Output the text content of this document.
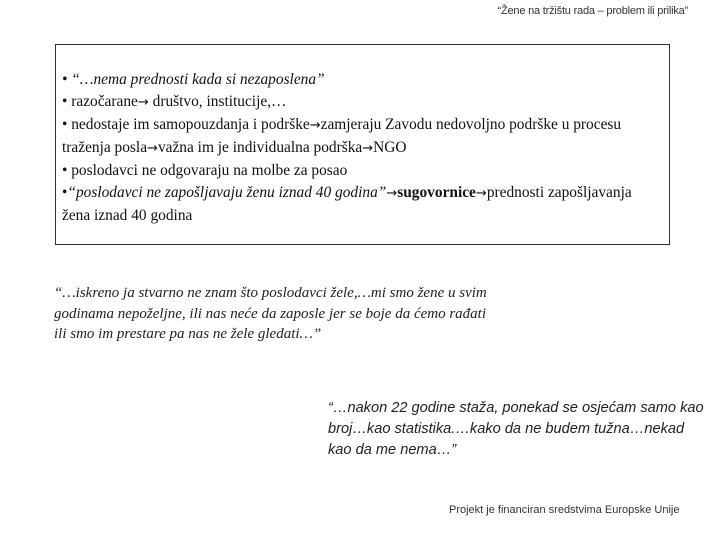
“Žene na tržištu rada – problem ili prilika”

• “…nema prednosti kada si nezaposlena”

• razočarane→ društvo, institucije,…

• nedostaje im samopouzdanja i podrške→zamjeraju Zavodu nedovoljno podrške u procesu traženja posla→važna im je individualna podrška→NGO

• poslodavci ne odgovaraju na molbe za posao

•“poslodavci ne zapošljavaju ženu iznad 40 godina”→sugovornice→prednosti zapošljavanja žena iznad 40 godina

“…iskreno ja stvarno ne znam što poslodavci žele,…mi smo žene u svim godinama nepoželjne, ili nas neće da zaposle jer se boje da ćemo rađati ili smo im prestare pa nas ne žele gledati…”
“…nakon 22 godine staža, ponekad se osjećam samo kao broj…kao statistika.…kako da ne budem tužna…nekad kao da me nema…”
Projekt je financiran sredstvima Europske Unije
